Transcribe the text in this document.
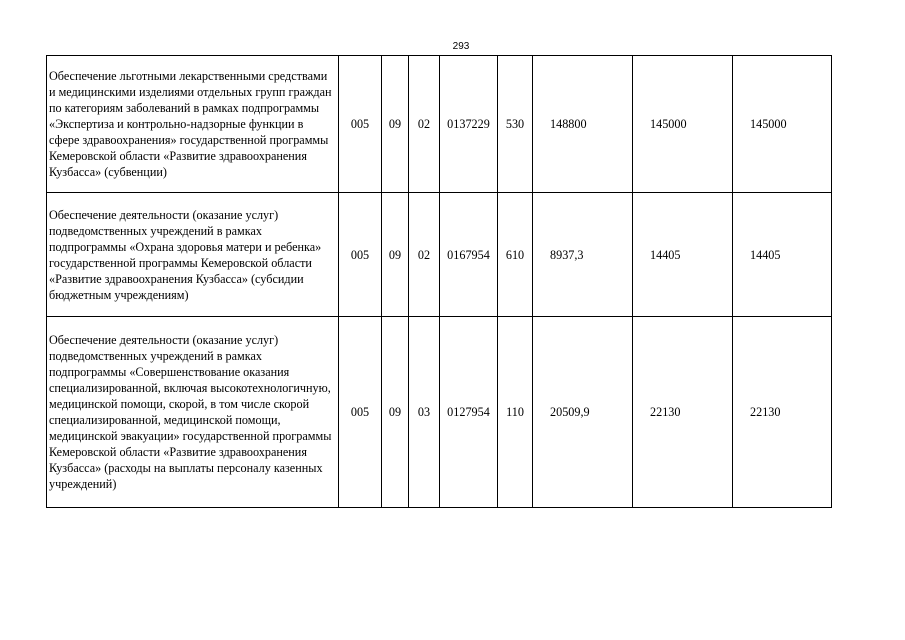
293
Обеспечение льготными лекарственными средствами и медицинскими изделиями отдельных групп граждан по категориям заболеваний в рамках подпрограммы «Экспертиза и контрольно-надзорные функции в сфере здравоохранения» государственной программы Кемеровской области «Развитие здравоохранения Кузбасса» (субвенции)	005	09	02	0137229	530	148800	145000	145000
Обеспечение деятельности (оказание услуг) подведомственных учреждений в рамках подпрограммы «Охрана здоровья матери и ребенка» государственной программы Кемеровской области «Развитие здравоохранения Кузбасса» (субсидии бюджетным учреждениям)	005	09	02	0167954	610	8937,3	14405	14405
Обеспечение деятельности (оказание услуг) подведомственных учреждений в рамках подпрограммы «Совершенствование оказания специализированной, включая высокотехнологичную, медицинской помощи, скорой, в том числе скорой специализированной, медицинской помощи, медицинской эвакуации» государственной программы Кемеровской области «Развитие здравоохранения Кузбасса» (расходы на выплаты персоналу казенных учреждений)	005	09	03	0127954	110	20509,9	22130	22130
